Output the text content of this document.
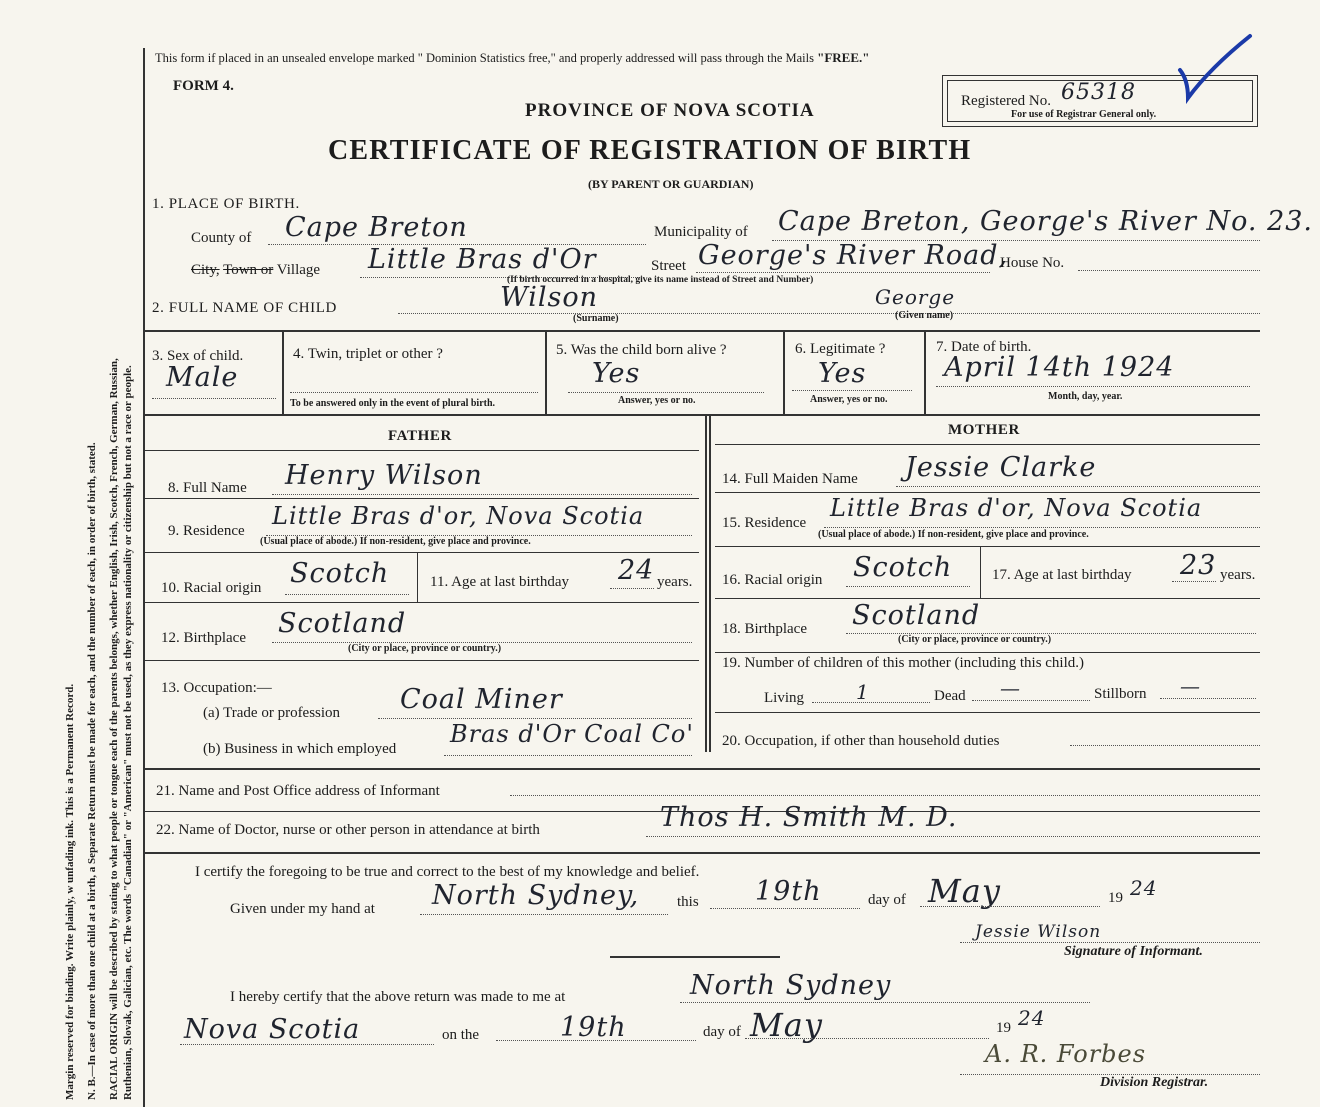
Margin reserved for binding. Write plainly, w unfading ink. This is a Permanent Record. N. B.—In case of more than one child at a birth, a Separate Return must be made for each, and the number of each, in order of birth, stated. RACIAL ORIGIN will be described by stating to what people or tongue each of the parents belongs, whether English, Irish, Scotch, French, German, Russian, Ruthenian, Slovak, Galician, etc. The words "Canadian" or "American" must not be used, as they express nationality or citizenship but not a race or people.
This form if placed in an unsealed envelope marked " Dominion Statistics free," and properly addressed will pass through the Mails "FREE."
FORM 4.
PROVINCE OF NOVA SCOTIA
CERTIFICATE OF REGISTRATION OF BIRTH
(BY PARENT OR GUARDIAN)
Registered No. 65318
For use of Registrar General only.
1. PLACE OF BIRTH.
County of Cape Breton	Municipality of Cape Breton, George's River No. 23.
City, Town or Village Little Bras d'Or	Street George's River Road,
House No.
(If birth occurred in a hospital, give its name instead of Street and Number)
2. FULL NAME OF CHILD	Wilson	George
(Surname)	(Given name)
3. Sex of child.
Male
4. Twin, triplet or other ?
To be answered only in the event of plural birth.
5. Was the child born alive ?
Yes
Answer, yes or no.
6. Legitimate ?
Yes
Answer, yes or no.
7. Date of birth.
April 14th 1924
Month, day, year.
FATHER	MOTHER
8. Full Name Henry Wilson
9. Residence
Little Bras d'or, Nova Scotia
(Usual place of abode.) If non-resident, give place and province.
10. Racial origin Scotch	11. Age at last birthday 24 years.
12. Birthplace Scotland
(City or place, province or country.)
13. Occupation:—
(a) Trade or profession Coal Miner
(b) Business in which employed
Bras d'Or Coal Co'
14. Full Maiden Name Jessie Clarke
15. Residence
Little Bras d'or, Nova Scotia
(Usual place of abode.) If non-resident, give place and province.
16. Racial origin Scotch	17. Age at last birthday 23 years.
18. Birthplace Scotland
(City or place, province or country.)
19. Number of children of this mother (including this child.)
Living	1	Dead —	Stillborn —
20. Occupation, if other than household duties
21. Name and Post Office address of Informant
22. Name of Doctor, nurse or other person in attendance at birth	Thos H. Smith M. D.
I certify the foregoing to be true and correct to the best of my knowledge and belief.
Given under my hand at North Sydney,	this 19th	day of May	19 24
Jessie Wilson
Signature of Informant.
I hereby certify that the above return was made to me at	North Sydney
Nova Scotia	on the	19th	day of May	19 24
A. R. Forbes
Division Registrar.
